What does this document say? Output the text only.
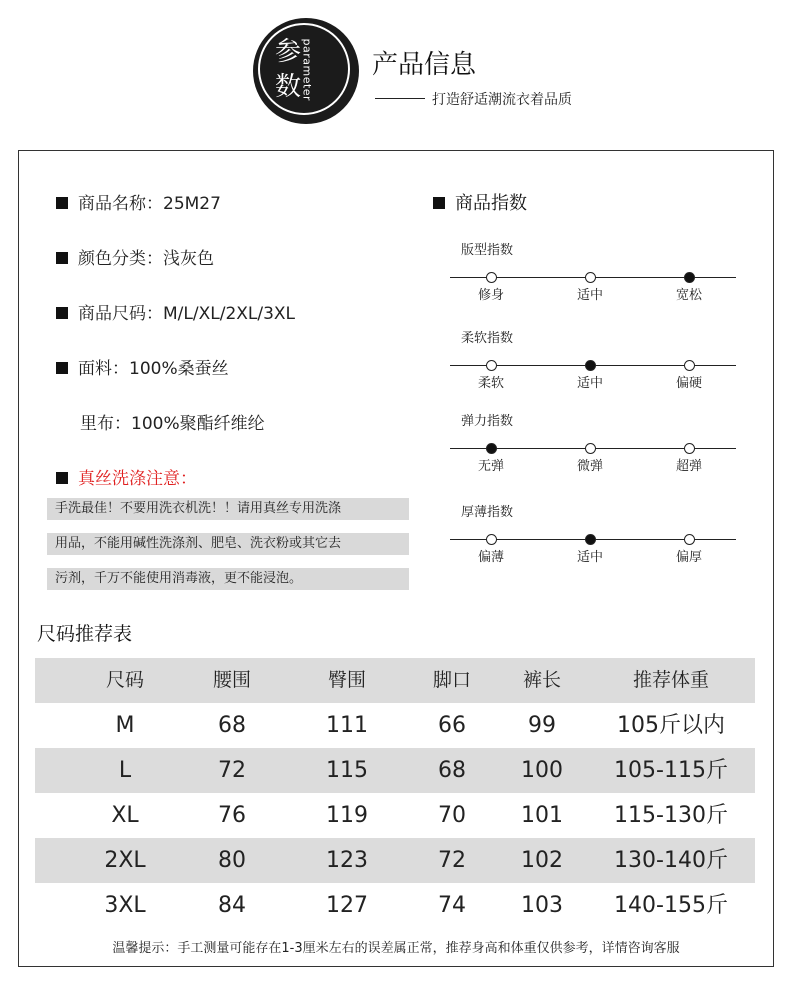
参
数 parameter 产品信息
打造舒适潮流衣着品质
商品名称：25M27
颜色分类：浅灰色
商品尺码：M/L/XL/2XL/3XL
面料：100%桑蚕丝
里布：100%聚酯纤维纶
真丝洗涤注意：
手洗最佳！不要用洗衣机洗！！请用真丝专用洗涤
用品，不能用碱性洗涤剂、肥皂、洗衣粉或其它去
污剂，千万不能使用消毒液，更不能浸泡。
商品指数
版型指数
修身	适中	宽松
柔软指数
柔软	适中	偏硬
弹力指数
无弹	微弹	超弹
厚薄指数
偏薄	适中	偏厚
尺码推荐表
尺码	腰围	臀围	脚口	裤长	推荐体重
M	68	111	66	99	105斤以内
L	72	115	68	100	105-115斤
XL	76	119	70	101	115-130斤
2XL	80	123	72	102	130-140斤
3XL	84	127	74	103	140-155斤
温馨提示：手工测量可能存在1-3厘米左右的误差属正常，推荐身高和体重仅供参考，详情咨询客服
